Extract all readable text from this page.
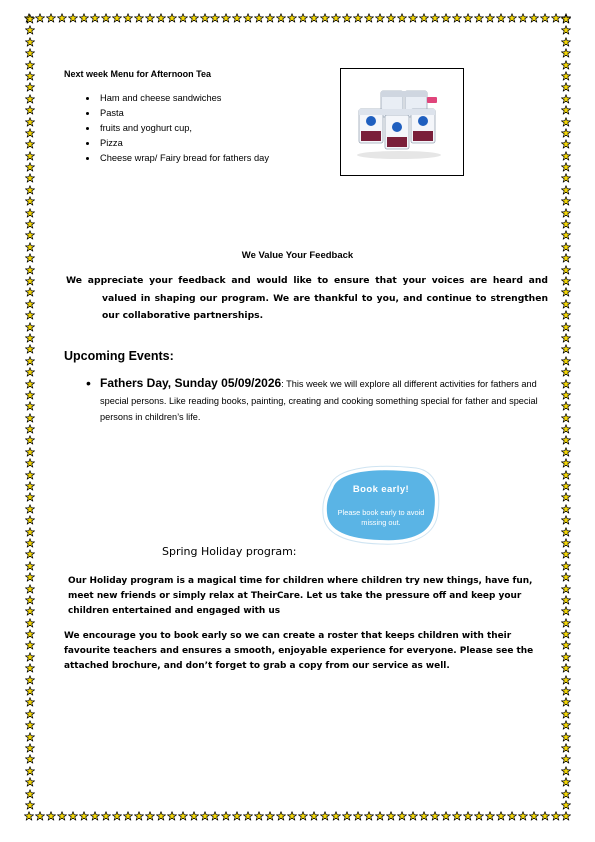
Next week Menu for Afternoon Tea
• Ham and cheese sandwiches
• Pasta
• fruits and yoghurt cup,
• Pizza
• Cheese wrap/ Fairy bread for fathers day
We Value Your Feedback

We appreciate your feedback and would like to ensure that your voices are heard and valued in shaping our program. We are thankful to you, and continue to strengthen our collaborative partnerships.

Upcoming Events:

• Fathers Day, Sunday 05/09/2026: This week we will explore all different activities for fathers and special persons. Like reading books, painting, creating and cooking something special for father and special persons in children’s life.

Book early!
Please book early to avoid missing out.
Spring Holiday program:

Our Holiday program is a magical time for children where children try new things, have fun, meet new friends or simply relax at TheirCare. Let us take the pressure off and keep your children entertained and engaged with us

We encourage you to book early so we can create a roster that keeps children with their favourite teachers and ensures a smooth, enjoyable experience for everyone. Please see the attached brochure, and don’t forget to grab a copy from our service as well.
